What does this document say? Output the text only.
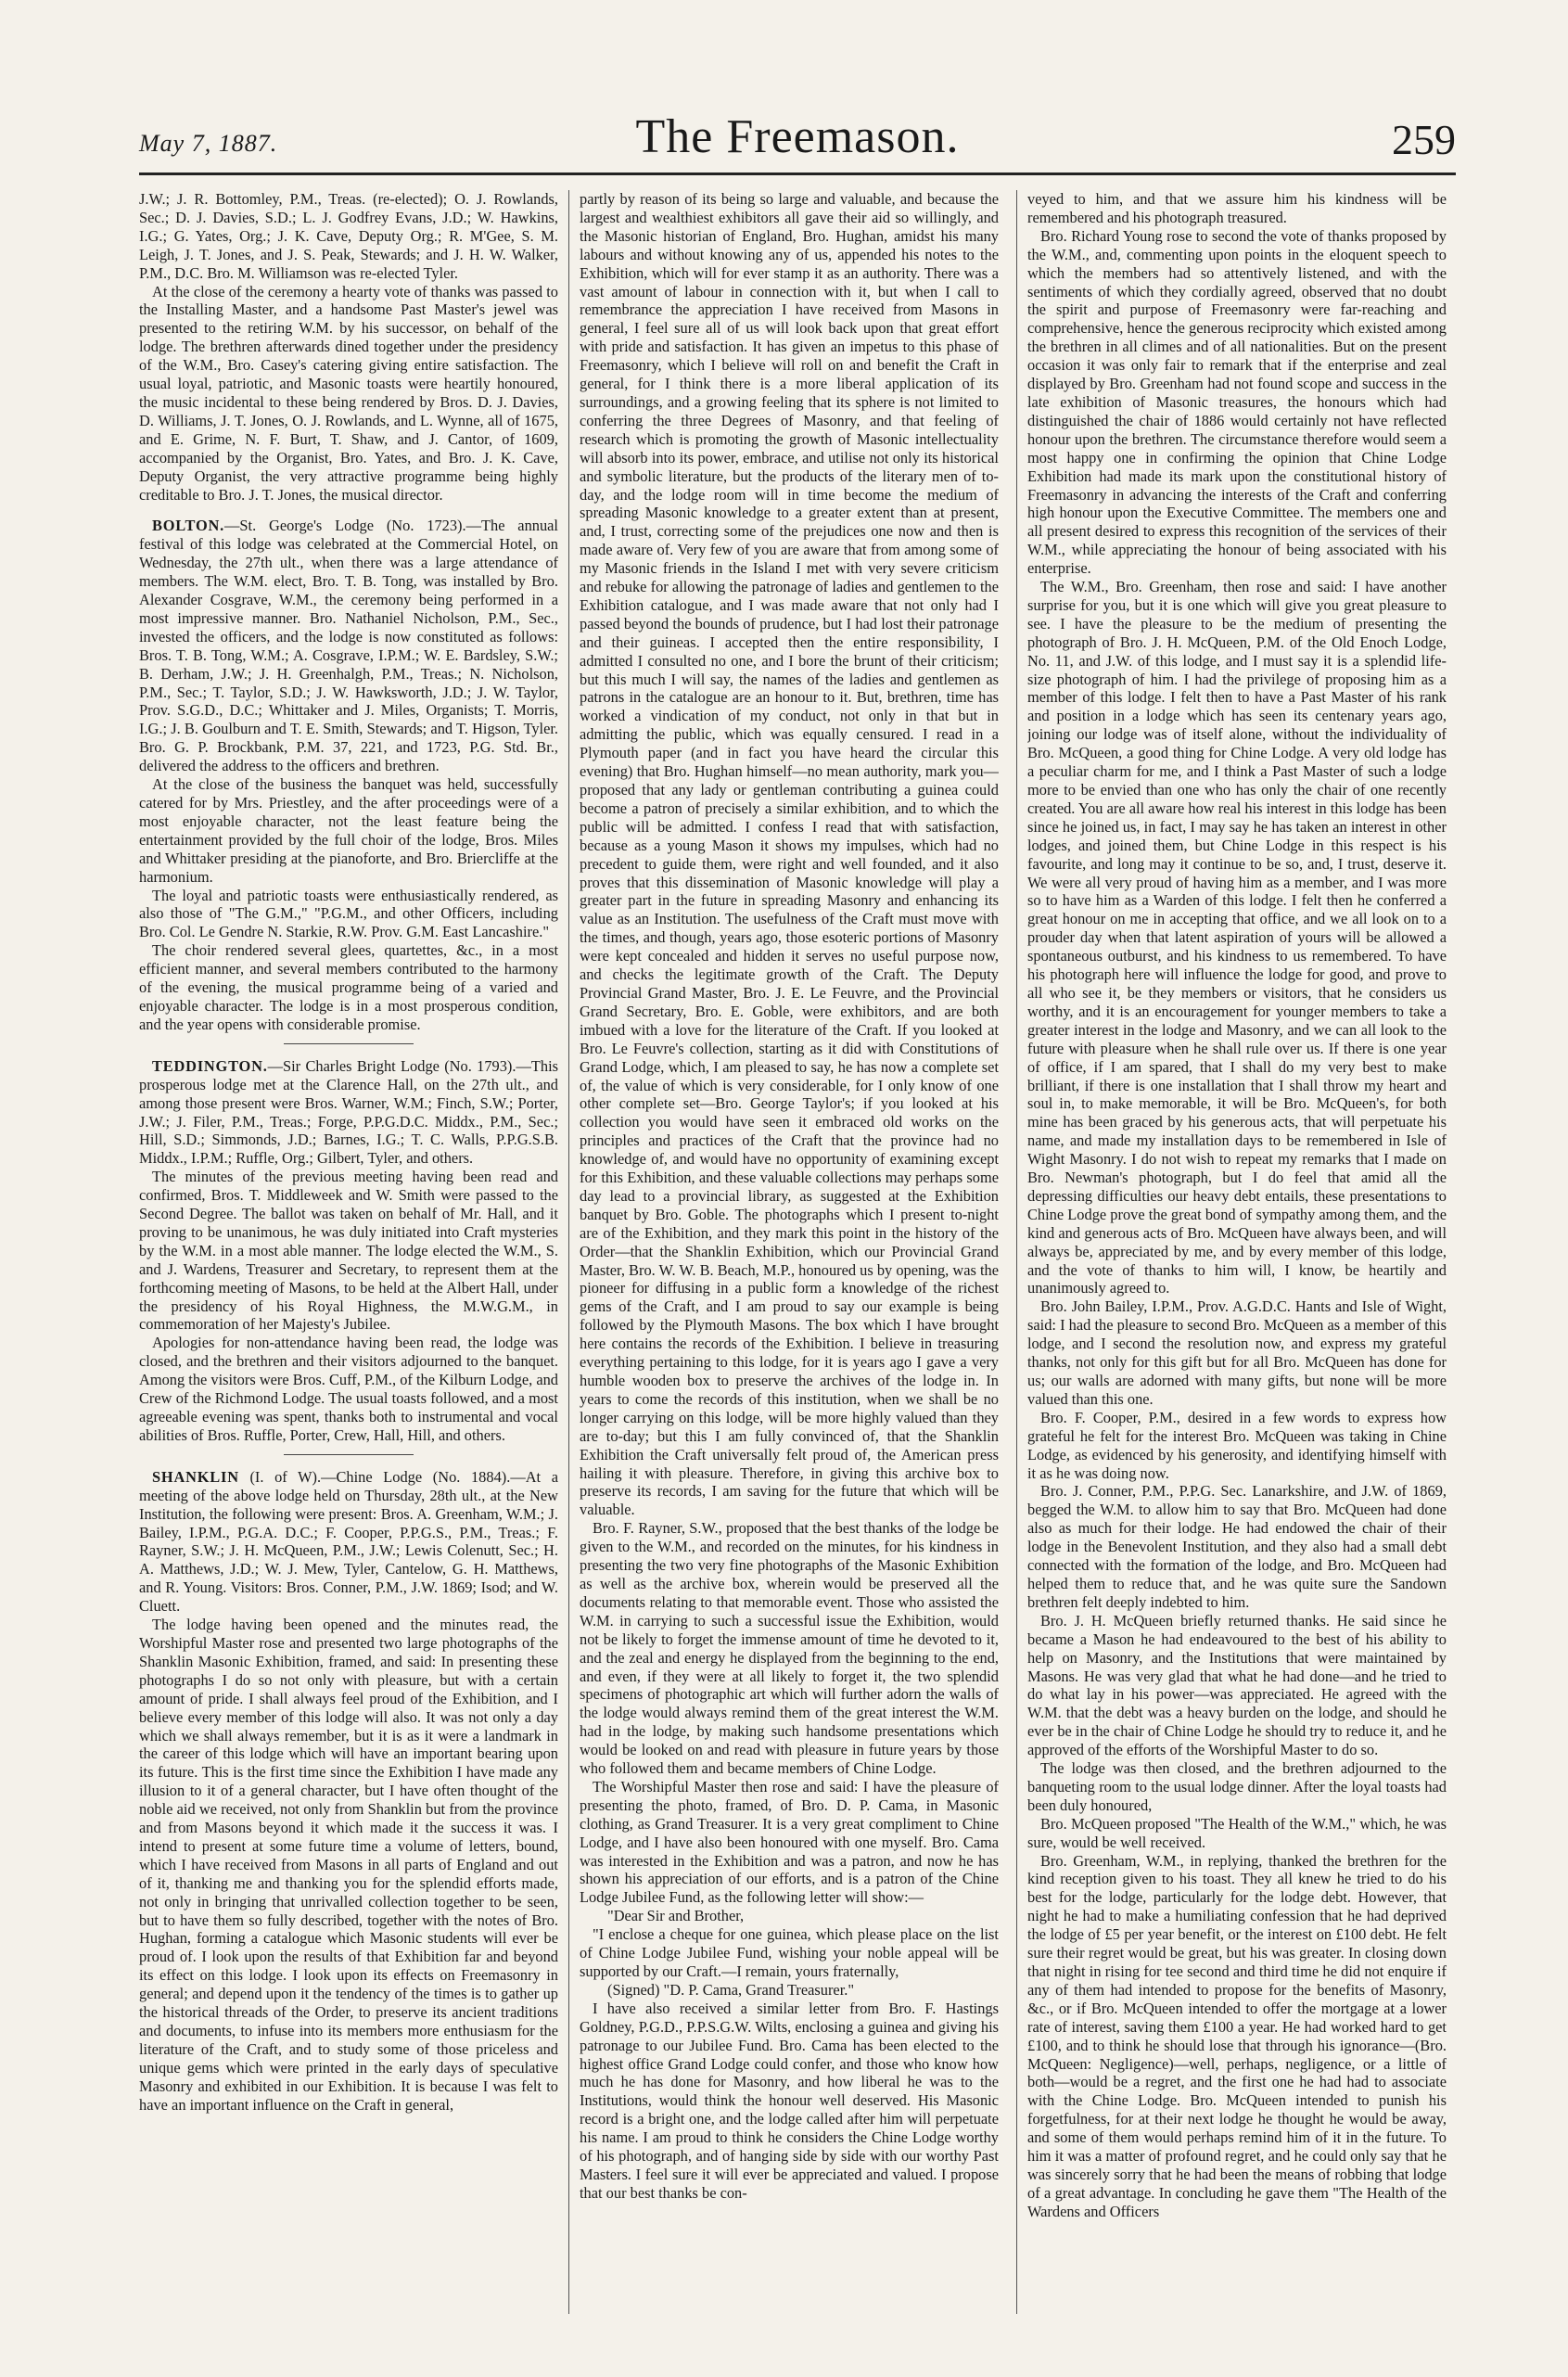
May 7, 1887.	The Freemason.	259

J.W.; J. R. Bottomley, P.M., Treas. (re-elected); O. J. Rowlands, Sec.; D. J. Davies, S.D.; L. J. Godfrey Evans, J.D.; W. Hawkins, I.G.; G. Yates, Org.; J. K. Cave, Deputy Org.; R. M'Gee, S. M. Leigh, J. T. Jones, and J. S. Peak, Stewards; and J. H. W. Walker, P.M., D.C. Bro. M. Williamson was re-elected Tyler.

At the close of the ceremony a hearty vote of thanks was passed to the Installing Master, and a handsome Past Master's jewel was presented to the retiring W.M. by his successor, on behalf of the lodge. The brethren afterwards dined together under the presidency of the W.M., Bro. Casey's catering giving entire satisfaction. The usual loyal, patriotic, and Masonic toasts were heartily honoured, the music incidental to these being rendered by Bros. D. J. Davies, D. Williams, J. T. Jones, O. J. Rowlands, and L. Wynne, all of 1675, and E. Grime, N. F. Burt, T. Shaw, and J. Cantor, of 1609, accompanied by the Organist, Bro. Yates, and Bro. J. K. Cave, Deputy Organist, the very attractive programme being highly creditable to Bro. J. T. Jones, the musical director.

BOLTON.—St. George's Lodge (No. 1723).—The annual festival of this lodge was celebrated at the Commercial Hotel, on Wednesday, the 27th ult., when there was a large attendance of members. The W.M. elect, Bro. T. B. Tong, was installed by Bro. Alexander Cosgrave, W.M., the ceremony being performed in a most impressive manner. Bro. Nathaniel Nicholson, P.M., Sec., invested the officers, and the lodge is now constituted as follows: Bros. T. B. Tong, W.M.; A. Cosgrave, I.P.M.; W. E. Bardsley, S.W.; B. Derham, J.W.; J. H. Greenhalgh, P.M., Treas.; N. Nicholson, P.M., Sec.; T. Taylor, S.D.; J. W. Hawksworth, J.D.; J. W. Taylor, Prov. S.G.D., D.C.; Whittaker and J. Miles, Organists; T. Morris, I.G.; J. B. Goulburn and T. E. Smith, Stewards; and T. Higson, Tyler. Bro. G. P. Brockbank, P.M. 37, 221, and 1723, P.G. Std. Br., delivered the address to the officers and brethren.

At the close of the business the banquet was held, successfully catered for by Mrs. Priestley, and the after proceedings were of a most enjoyable character, not the least feature being the entertainment provided by the full choir of the lodge, Bros. Miles and Whittaker presiding at the pianoforte, and Bro. Briercliffe at the harmonium.

The loyal and patriotic toasts were enthusiastically rendered, as also those of "The G.M.," "P.G.M., and other Officers, including Bro. Col. Le Gendre N. Starkie, R.W. Prov. G.M. East Lancashire."

The choir rendered several glees, quartettes, &c., in a most efficient manner, and several members contributed to the harmony of the evening, the musical programme being of a varied and enjoyable character. The lodge is in a most prosperous condition, and the year opens with considerable promise.

TEDDINGTON.—Sir Charles Bright Lodge (No. 1793).—This prosperous lodge met at the Clarence Hall, on the 27th ult., and among those present were Bros. Warner, W.M.; Finch, S.W.; Porter, J.W.; J. Filer, P.M., Treas.; Forge, P.P.G.D.C. Middx., P.M., Sec.; Hill, S.D.; Simmonds, J.D.; Barnes, I.G.; T. C. Walls, P.P.G.S.B. Middx., I.P.M.; Ruffle, Org.; Gilbert, Tyler, and others.

The minutes of the previous meeting having been read and confirmed, Bros. T. Middleweek and W. Smith were passed to the Second Degree. The ballot was taken on behalf of Mr. Hall, and it proving to be unanimous, he was duly initiated into Craft mysteries by the W.M. in a most able manner. The lodge elected the W.M., S. and J. Wardens, Treasurer and Secretary, to represent them at the forthcoming meeting of Masons, to be held at the Albert Hall, under the presidency of his Royal Highness, the M.W.G.M., in commemoration of her Majesty's Jubilee.

Apologies for non-attendance having been read, the lodge was closed, and the brethren and their visitors adjourned to the banquet. Among the visitors were Bros. Cuff, P.M., of the Kilburn Lodge, and Crew of the Richmond Lodge. The usual toasts followed, and a most agreeable evening was spent, thanks both to instrumental and vocal abilities of Bros. Ruffle, Porter, Crew, Hall, Hill, and others.

SHANKLIN (I. of W).—Chine Lodge (No. 1884).—At a meeting of the above lodge held on Thursday, 28th ult., at the New Institution, the following were present: Bros. A. Greenham, W.M.; J. Bailey, I.P.M., P.G.A. D.C.; F. Cooper, P.P.G.S., P.M., Treas.; F. Rayner, S.W.; J. H. McQueen, P.M., J.W.; Lewis Colenutt, Sec.; H. A. Matthews, J.D.; W. J. Mew, Tyler, Cantelow, G. H. Matthews, and R. Young. Visitors: Bros. Conner, P.M., J.W. 1869; Isod; and W. Cluett.

The lodge having been opened and the minutes read, the Worshipful Master rose and presented two large photographs of the Shanklin Masonic Exhibition, framed, and said: In presenting these photographs I do so not only with pleasure, but with a certain amount of pride. I shall always feel proud of the Exhibition, and I believe every member of this lodge will also. It was not only a day which we shall always remember, but it is as it were a landmark in the career of this lodge which will have an important bearing upon its future. This is the first time since the Exhibition I have made any illusion to it of a general character, but I have often thought of the noble aid we received, not only from Shanklin but from the province and from Masons beyond it which made it the success it was. I intend to present at some future time a volume of letters, bound, which I have received from Masons in all parts of England and out of it, thanking me and thanking you for the splendid efforts made, not only in bringing that unrivalled collection together to be seen, but to have them so fully described, together with the notes of Bro. Hughan, forming a catalogue which Masonic students will ever be proud of. I look upon the results of that Exhibition far and beyond its effect on this lodge. I look upon its effects on Freemasonry in general; and depend upon it the tendency of the times is to gather up the historical threads of the Order, to preserve its ancient traditions and documents, to infuse into its members more enthusiasm for the literature of the Craft, and to study some of those priceless and unique gems which were printed in the early days of speculative Masonry and exhibited in our Exhibition. It is because I was felt to have an important influence on the Craft in general,

partly by reason of its being so large and valuable, and because the largest and wealthiest exhibitors all gave their aid so willingly, and the Masonic historian of England, Bro. Hughan, amidst his many labours and without knowing any of us, appended his notes to the Exhibition, which will for ever stamp it as an authority. There was a vast amount of labour in connection with it, but when I call to remembrance the appreciation I have received from Masons in general, I feel sure all of us will look back upon that great effort with pride and satisfaction. It has given an impetus to this phase of Freemasonry, which I believe will roll on and benefit the Craft in general, for I think there is a more liberal application of its surroundings, and a growing feeling that its sphere is not limited to conferring the three Degrees of Masonry, and that feeling of research which is promoting the growth of Masonic intellectuality will absorb into its power, embrace, and utilise not only its historical and symbolic literature, but the products of the literary men of to-day, and the lodge room will in time become the medium of spreading Masonic knowledge to a greater extent than at present, and, I trust, correcting some of the prejudices one now and then is made aware of. Very few of you are aware that from among some of my Masonic friends in the Island I met with very severe criticism and rebuke for allowing the patronage of ladies and gentlemen to the Exhibition catalogue, and I was made aware that not only had I passed beyond the bounds of prudence, but I had lost their patronage and their guineas. I accepted then the entire responsibility, I admitted I consulted no one, and I bore the brunt of their criticism; but this much I will say, the names of the ladies and gentlemen as patrons in the catalogue are an honour to it. But, brethren, time has worked a vindication of my conduct, not only in that but in admitting the public, which was equally censured. I read in a Plymouth paper (and in fact you have heard the circular this evening) that Bro. Hughan himself—no mean authority, mark you—proposed that any lady or gentleman contributing a guinea could become a patron of precisely a similar exhibition, and to which the public will be admitted. I confess I read that with satisfaction, because as a young Mason it shows my impulses, which had no precedent to guide them, were right and well founded, and it also proves that this dissemination of Masonic knowledge will play a greater part in the future in spreading Masonry and enhancing its value as an Institution. The usefulness of the Craft must move with the times, and though, years ago, those esoteric portions of Masonry were kept concealed and hidden it serves no useful purpose now, and checks the legitimate growth of the Craft. The Deputy Provincial Grand Master, Bro. J. E. Le Feuvre, and the Provincial Grand Secretary, Bro. E. Goble, were exhibitors, and are both imbued with a love for the literature of the Craft. If you looked at Bro. Le Feuvre's collection, starting as it did with Constitutions of Grand Lodge, which, I am pleased to say, he has now a complete set of, the value of which is very considerable, for I only know of one other complete set—Bro. George Taylor's; if you looked at his collection you would have seen it embraced old works on the principles and practices of the Craft that the province had no knowledge of, and would have no opportunity of examining except for this Exhibition, and these valuable collections may perhaps some day lead to a provincial library, as suggested at the Exhibition banquet by Bro. Goble. The photographs which I present to-night are of the Exhibition, and they mark this point in the history of the Order—that the Shanklin Exhibition, which our Provincial Grand Master, Bro. W. W. B. Beach, M.P., honoured us by opening, was the pioneer for diffusing in a public form a knowledge of the richest gems of the Craft, and I am proud to say our example is being followed by the Plymouth Masons. The box which I have brought here contains the records of the Exhibition. I believe in treasuring everything pertaining to this lodge, for it is years ago I gave a very humble wooden box to preserve the archives of the lodge in. In years to come the records of this institution, when we shall be no longer carrying on this lodge, will be more highly valued than they are to-day; but this I am fully convinced of, that the Shanklin Exhibition the Craft universally felt proud of, the American press hailing it with pleasure. Therefore, in giving this archive box to preserve its records, I am saving for the future that which will be valuable.

Bro. F. Rayner, S.W., proposed that the best thanks of the lodge be given to the W.M., and recorded on the minutes, for his kindness in presenting the two very fine photographs of the Masonic Exhibition as well as the archive box, wherein would be preserved all the documents relating to that memorable event. Those who assisted the W.M. in carrying to such a successful issue the Exhibition, would not be likely to forget the immense amount of time he devoted to it, and the zeal and energy he displayed from the beginning to the end, and even, if they were at all likely to forget it, the two splendid specimens of photographic art which will further adorn the walls of the lodge would always remind them of the great interest the W.M. had in the lodge, by making such handsome presentations which would be looked on and read with pleasure in future years by those who followed them and became members of Chine Lodge.

The Worshipful Master then rose and said: I have the pleasure of presenting the photo, framed, of Bro. D. P. Cama, in Masonic clothing, as Grand Treasurer. It is a very great compliment to Chine Lodge, and I have also been honoured with one myself. Bro. Cama was interested in the Exhibition and was a patron, and now he has shown his appreciation of our efforts, and is a patron of the Chine Lodge Jubilee Fund, as the following letter will show:—

"Dear Sir and Brother,

"I enclose a cheque for one guinea, which please place on the list of Chine Lodge Jubilee Fund, wishing your noble appeal will be supported by our Craft.—I remain, yours fraternally,

(Signed) "D. P. Cama, Grand Treasurer."

I have also received a similar letter from Bro. F. Hastings Goldney, P.G.D., P.P.S.G.W. Wilts, enclosing a guinea and giving his patronage to our Jubilee Fund. Bro. Cama has been elected to the highest office Grand Lodge could confer, and those who know how much he has done for Masonry, and how liberal he was to the Institutions, would think the honour well deserved. His Masonic record is a bright one, and the lodge called after him will perpetuate his name. I am proud to think he considers the Chine Lodge worthy of his photograph, and of hanging side by side with our worthy Past Masters. I feel sure it will ever be appreciated and valued. I propose that our best thanks be con-

veyed to him, and that we assure him his kindness will be remembered and his photograph treasured.

Bro. Richard Young rose to second the vote of thanks proposed by the W.M., and, commenting upon points in the eloquent speech to which the members had so attentively listened, and with the sentiments of which they cordially agreed, observed that no doubt the spirit and purpose of Freemasonry were far-reaching and comprehensive, hence the generous reciprocity which existed among the brethren in all climes and of all nationalities. But on the present occasion it was only fair to remark that if the enterprise and zeal displayed by Bro. Greenham had not found scope and success in the late exhibition of Masonic treasures, the honours which had distinguished the chair of 1886 would certainly not have reflected honour upon the brethren. The circumstance therefore would seem a most happy one in confirming the opinion that Chine Lodge Exhibition had made its mark upon the constitutional history of Freemasonry in advancing the interests of the Craft and conferring high honour upon the Executive Committee. The members one and all present desired to express this recognition of the services of their W.M., while appreciating the honour of being associated with his enterprise.

The W.M., Bro. Greenham, then rose and said: I have another surprise for you, but it is one which will give you great pleasure to see. I have the pleasure to be the medium of presenting the photograph of Bro. J. H. McQueen, P.M. of the Old Enoch Lodge, No. 11, and J.W. of this lodge, and I must say it is a splendid life-size photograph of him. I had the privilege of proposing him as a member of this lodge. I felt then to have a Past Master of his rank and position in a lodge which has seen its centenary years ago, joining our lodge was of itself alone, without the individuality of Bro. McQueen, a good thing for Chine Lodge. A very old lodge has a peculiar charm for me, and I think a Past Master of such a lodge more to be envied than one who has only the chair of one recently created. You are all aware how real his interest in this lodge has been since he joined us, in fact, I may say he has taken an interest in other lodges, and joined them, but Chine Lodge in this respect is his favourite, and long may it continue to be so, and, I trust, deserve it. We were all very proud of having him as a member, and I was more so to have him as a Warden of this lodge. I felt then he conferred a great honour on me in accepting that office, and we all look on to a prouder day when that latent aspiration of yours will be allowed a spontaneous outburst, and his kindness to us remembered. To have his photograph here will influence the lodge for good, and prove to all who see it, be they members or visitors, that he considers us worthy, and it is an encouragement for younger members to take a greater interest in the lodge and Masonry, and we can all look to the future with pleasure when he shall rule over us. If there is one year of office, if I am spared, that I shall do my very best to make brilliant, if there is one installation that I shall throw my heart and soul in, to make memorable, it will be Bro. McQueen's, for both mine has been graced by his generous acts, that will perpetuate his name, and made my installation days to be remembered in Isle of Wight Masonry. I do not wish to repeat my remarks that I made on Bro. Newman's photograph, but I do feel that amid all the depressing difficulties our heavy debt entails, these presentations to Chine Lodge prove the great bond of sympathy among them, and the kind and generous acts of Bro. McQueen have always been, and will always be, appreciated by me, and by every member of this lodge, and the vote of thanks to him will, I know, be heartily and unanimously agreed to.

Bro. John Bailey, I.P.M., Prov. A.G.D.C. Hants and Isle of Wight, said: I had the pleasure to second Bro. McQueen as a member of this lodge, and I second the resolution now, and express my grateful thanks, not only for this gift but for all Bro. McQueen has done for us; our walls are adorned with many gifts, but none will be more valued than this one.

Bro. F. Cooper, P.M., desired in a few words to express how grateful he felt for the interest Bro. McQueen was taking in Chine Lodge, as evidenced by his generosity, and identifying himself with it as he was doing now.

Bro. J. Conner, P.M., P.P.G. Sec. Lanarkshire, and J.W. of 1869, begged the W.M. to allow him to say that Bro. McQueen had done also as much for their lodge. He had endowed the chair of their lodge in the Benevolent Institution, and they also had a small debt connected with the formation of the lodge, and Bro. McQueen had helped them to reduce that, and he was quite sure the Sandown brethren felt deeply indebted to him.

Bro. J. H. McQueen briefly returned thanks. He said since he became a Mason he had endeavoured to the best of his ability to help on Masonry, and the Institutions that were maintained by Masons. He was very glad that what he had done—and he tried to do what lay in his power—was appreciated. He agreed with the W.M. that the debt was a heavy burden on the lodge, and should he ever be in the chair of Chine Lodge he should try to reduce it, and he approved of the efforts of the Worshipful Master to do so.

The lodge was then closed, and the brethren adjourned to the banqueting room to the usual lodge dinner. After the loyal toasts had been duly honoured,

Bro. McQueen proposed "The Health of the W.M.," which, he was sure, would be well received.

Bro. Greenham, W.M., in replying, thanked the brethren for the kind reception given to his toast. They all knew he tried to do his best for the lodge, particularly for the lodge debt. However, that night he had to make a humiliating confession that he had deprived the lodge of £5 per year benefit, or the interest on £100 debt. He felt sure their regret would be great, but his was greater. In closing down that night in rising for tee second and third time he did not enquire if any of them had intended to propose for the benefits of Masonry, &c., or if Bro. McQueen intended to offer the mortgage at a lower rate of interest, saving them £100 a year. He had worked hard to get £100, and to think he should lose that through his ignorance—(Bro. McQueen: Negligence)—well, perhaps, negligence, or a little of both—would be a regret, and the first one he had had to associate with the Chine Lodge. Bro. McQueen intended to punish his forgetfulness, for at their next lodge he thought he would be away, and some of them would perhaps remind him of it in the future. To him it was a matter of profound regret, and he could only say that he was sincerely sorry that he had been the means of robbing that lodge of a great advantage. In concluding he gave them "The Health of the Wardens and Officers
